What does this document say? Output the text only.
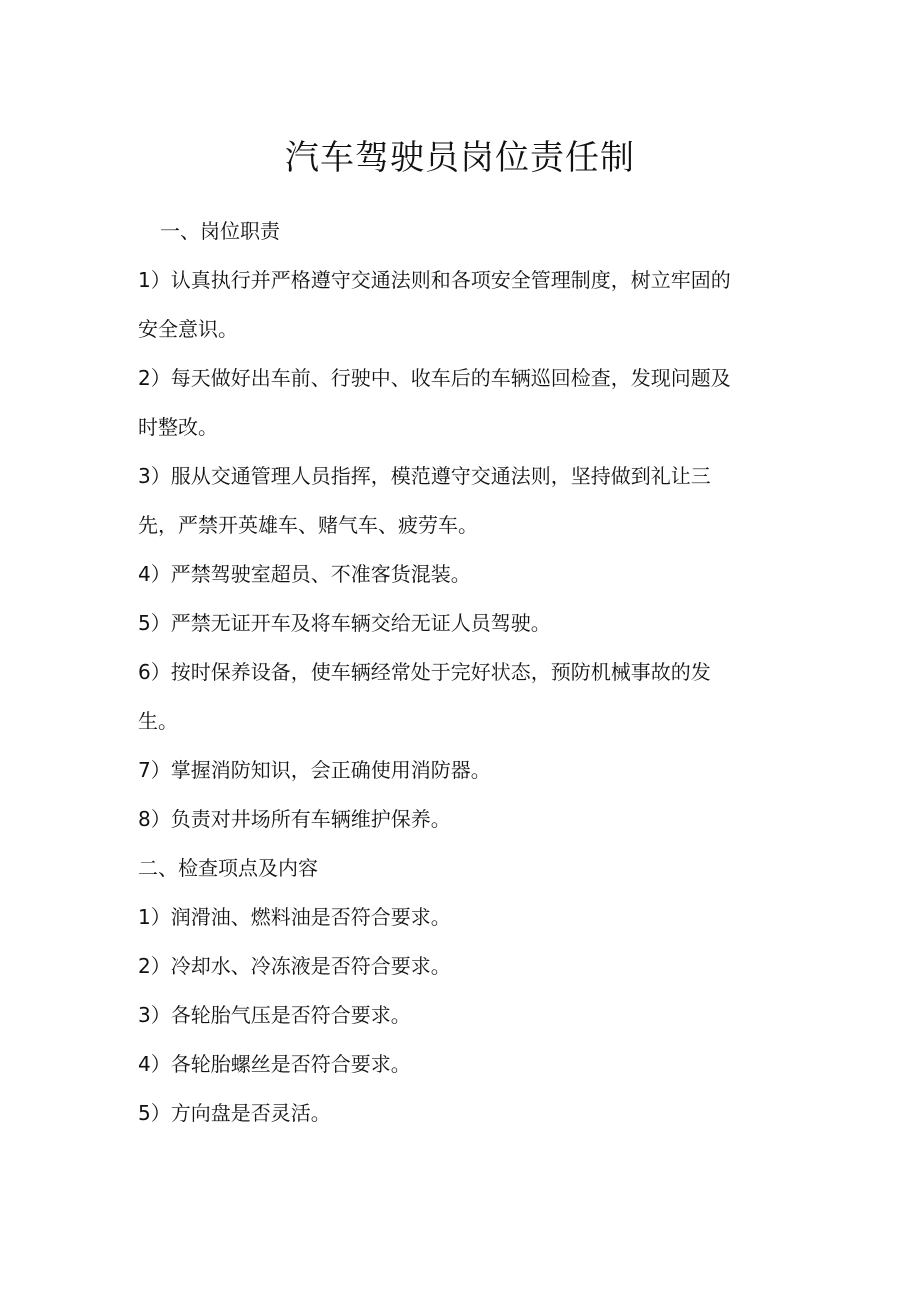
汽车驾驶员岗位责任制

一、岗位职责

1）认真执行并严格遵守交通法则和各项安全管理制度，树立牢固的

安全意识。

2）每天做好出车前、行驶中、收车后的车辆巡回检查，发现问题及

时整改。

3）服从交通管理人员指挥，模范遵守交通法则，坚持做到礼让三

先，严禁开英雄车、赌气车、疲劳车。

4）严禁驾驶室超员、不准客货混装。

5）严禁无证开车及将车辆交给无证人员驾驶。

6）按时保养设备，使车辆经常处于完好状态，预防机械事故的发

生。

7）掌握消防知识，会正确使用消防器。

8）负责对井场所有车辆维护保养。

二、检查项点及内容

1）润滑油、燃料油是否符合要求。

2）冷却水、冷冻液是否符合要求。

3）各轮胎气压是否符合要求。

4）各轮胎螺丝是否符合要求。

5）方向盘是否灵活。
